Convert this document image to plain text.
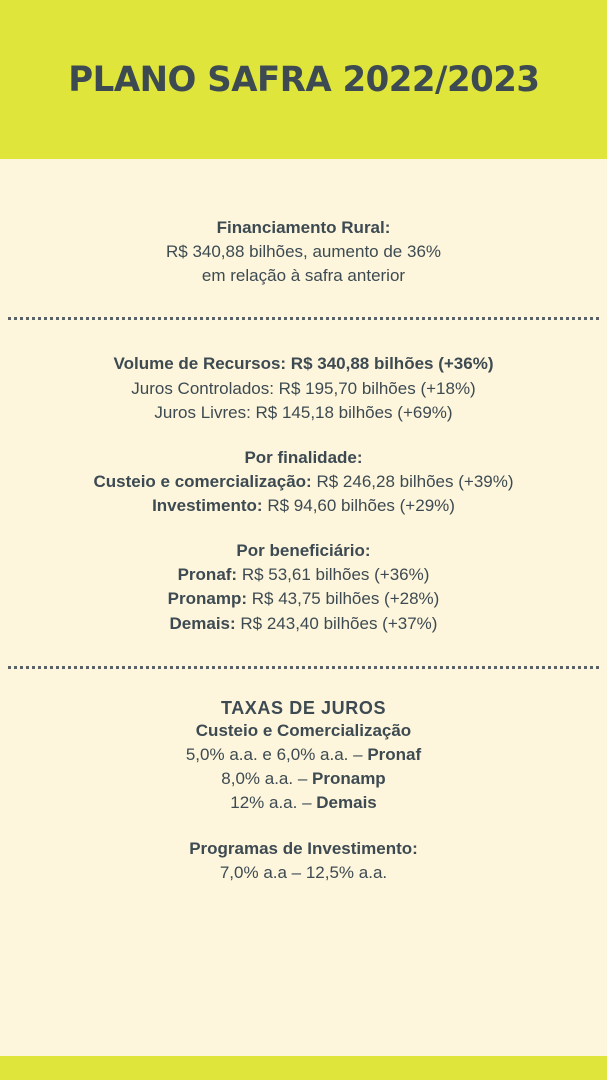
PLANO SAFRA 2022/2023
Financiamento Rural:
R$ 340,88 bilhões, aumento de 36%
em relação à safra anterior
Volume de Recursos: R$ 340,88 bilhões (+36%)
Juros Controlados: R$ 195,70 bilhões (+18%)
Juros Livres: R$ 145,18 bilhões (+69%)
Por finalidade:
Custeio e comercialização: R$ 246,28 bilhões (+39%)
Investimento: R$ 94,60 bilhões (+29%)
Por beneficiário:
Pronaf: R$ 53,61 bilhões (+36%)
Pronamp: R$ 43,75 bilhões (+28%)
Demais: R$ 243,40 bilhões (+37%)
TAXAS DE JUROS
Custeio e Comercialização
5,0% a.a. e 6,0% a.a. – Pronaf
8,0% a.a. – Pronamp
12% a.a. – Demais
Programas de Investimento:
7,0% a.a – 12,5% a.a.
